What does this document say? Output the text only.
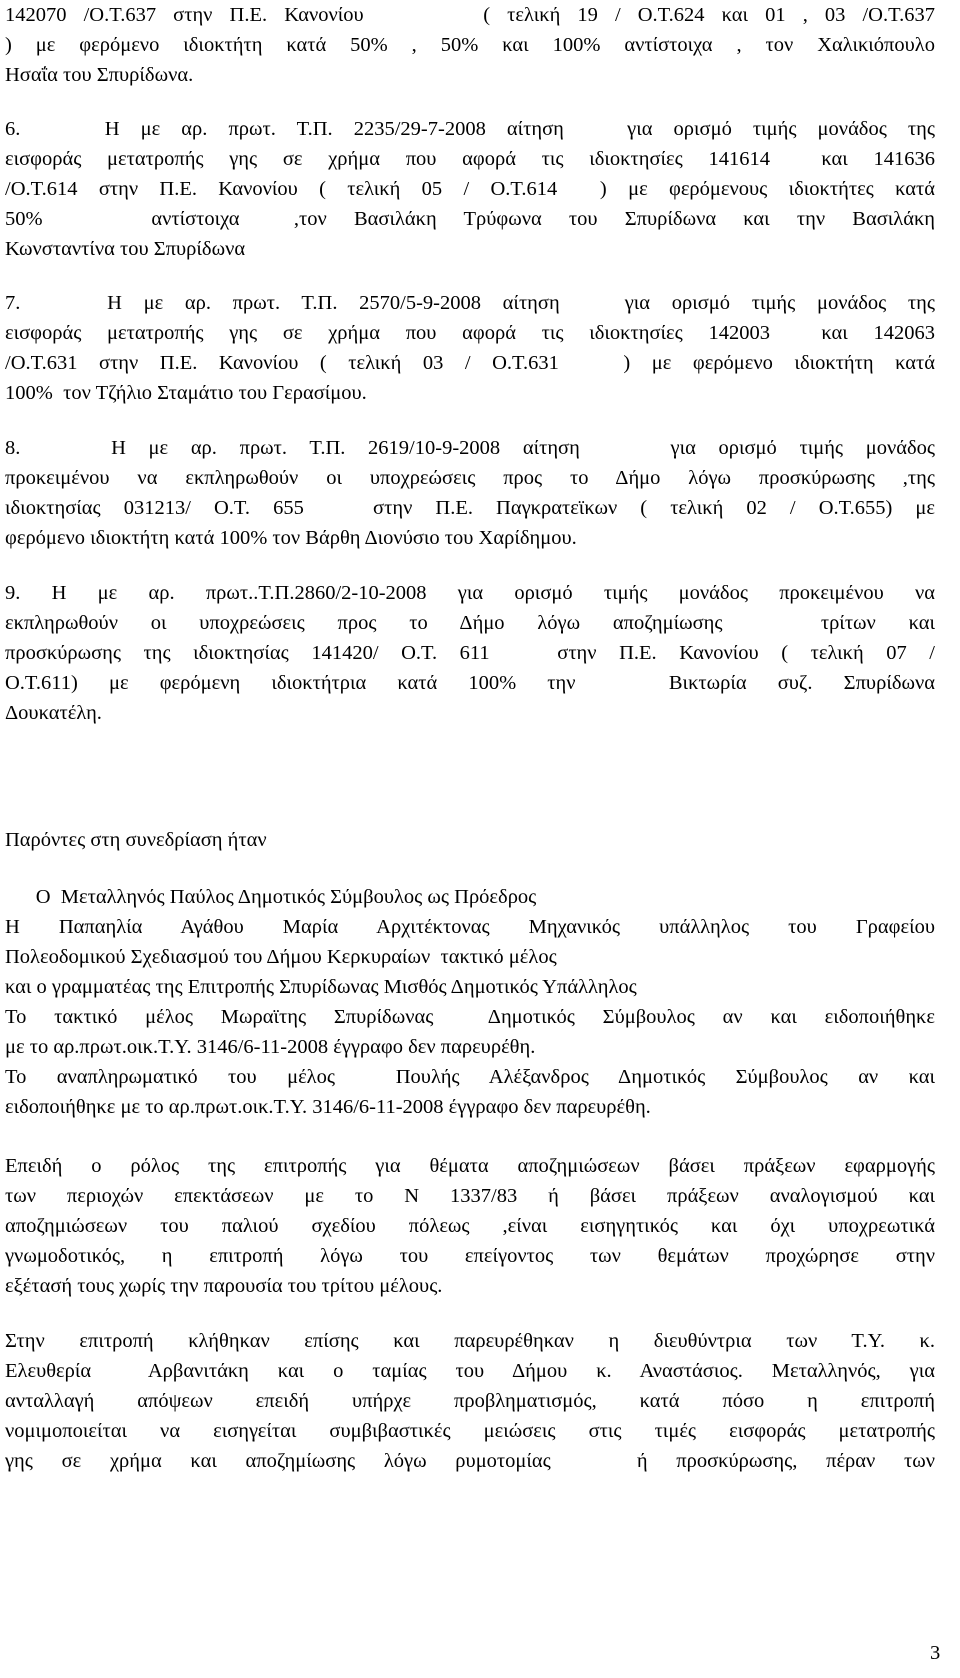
142070 /Ο.Τ.637 στην Π.Ε. Κανονίου       ( τελική 19 / Ο.Τ.624 και 01 , 03 /Ο.Τ.637
) με φερόμενο ιδιοκτήτη κατά 50% , 50% και 100% αντίστοιχα , τον Χαλικιόπουλο
Ησαΐα του Σπυρίδωνα.
6.    Η με αρ. πρωτ. Τ.Π. 2235/29-7-2008 αίτηση   για ορισμό τιμής μονάδος της
εισφοράς μετατροπής γης σε χρήμα που αφορά τις ιδιοκτησίες 141614  και 141636
/Ο.Τ.614 στην Π.Ε. Κανονίου ( τελική 05 / Ο.Τ.614  ) με φερόμενους ιδιοκτήτες κατά
50%    αντίστοιχα  ,τον Βασιλάκη Τρύφωνα του Σπυρίδωνα και την Βασιλάκη
Κωνσταντίνα του Σπυρίδωνα
7.    Η με αρ. πρωτ. Τ.Π. 2570/5-9-2008 αίτηση   για ορισμό τιμής μονάδος της
εισφοράς μετατροπής γης σε χρήμα που αφορά τις ιδιοκτησίες 142003  και 142063
/Ο.Τ.631 στην Π.Ε. Κανονίου ( τελική 03 / Ο.Τ.631   ) με φερόμενο ιδιοκτήτη κατά
100%  τον Τζήλιο Σταμάτιο του Γερασίμου.
8.    Η με αρ. πρωτ. Τ.Π. 2619/10-9-2008 αίτηση    για ορισμό τιμής μονάδος
προκειμένου να εκπληρωθούν οι υποχρεώσεις προς το Δήμο λόγω προσκύρωσης ,της
ιδιοκτησίας 031213/ Ο.Τ. 655   στην Π.Ε. Παγκρατεϊκων ( τελική 02 / Ο.Τ.655) με
φερόμενο ιδιοκτήτη κατά 100% τον Βάρθη Διονύσιο του Χαρίδημου.
9. Η με αρ. πρωτ..Τ.Π.2860/2-10-2008 για ορισμό τιμής μονάδος προκειμένου να
εκπληρωθούν οι υποχρεώσεις προς το Δήμο λόγω αποζημίωσης   τρίτων και
προσκύρωσης της ιδιοκτησίας 141420/ Ο.Τ. 611   στην Π.Ε. Κανονίου ( τελική 07 /
Ο.Τ.611) με φερόμενη ιδιοκτήτρια κατά 100% την   Βικτωρία συζ. Σπυρίδωνα
Δουκατέλη.
Παρόντες στη συνεδρίαση ήταν
Ο  Μεταλληνός Παύλος Δημοτικός Σύμβουλος ως Πρόεδρος
Η Παπαηλία Αγάθου Μαρία Αρχιτέκτονας Μηχανικός υπάλληλος του Γραφείου
Πολεοδομικού Σχεδιασμού του Δήμου Κερκυραίων  τακτικό μέλος
και ο γραμματέας της Επιτροπής Σπυρίδωνας Μισθός Δημοτικός Υπάλληλος
Το τακτικό μέλος Μωραϊτης Σπυρίδωνας  Δημοτικός Σύμβουλος αν και ειδοποιήθηκε
με το αρ.πρωτ.οικ.Τ.Υ. 3146/6-11-2008 έγγραφο δεν παρευρέθη.
Το αναπληρωματικό του μέλος  Πουλής Αλέξανδρος Δημοτικός Σύμβουλος αν και
ειδοποιήθηκε με το αρ.πρωτ.οικ.Τ.Υ. 3146/6-11-2008 έγγραφο δεν παρευρέθη.
Επειδή ο ρόλος της επιτροπής για θέματα αποζημιώσεων βάσει πράξεων εφαρμογής
των περιοχών επεκτάσεων με το Ν 1337/83 ή βάσει πράξεων αναλογισμού και
αποζημιώσεων του παλιού σχεδίου πόλεως ,είναι εισηγητικός και όχι υποχρεωτικά
γνωμοδοτικός, η επιτροπή λόγω του επείγοντος των θεμάτων προχώρησε στην
εξέτασή τους χωρίς την παρουσία του τρίτου μέλους.
Στην επιτροπή κλήθηκαν επίσης και παρευρέθηκαν η διευθύντρια των Τ.Υ. κ.
Ελευθερία  Αρβανιτάκη και ο ταμίας του Δήμου κ. Αναστάσιος. Μεταλληνός, για
ανταλλαγή απόψεων επειδή υπήρχε προβληματισμός, κατά πόσο η επιτροπή
νομιμοποιείται να εισηγείται συμβιβαστικές μειώσεις στις τιμές εισφοράς μετατροπής
γης σε χρήμα και αποζημίωσης λόγω ρυμοτομίας   ή προσκύρωσης, πέραν των
3
